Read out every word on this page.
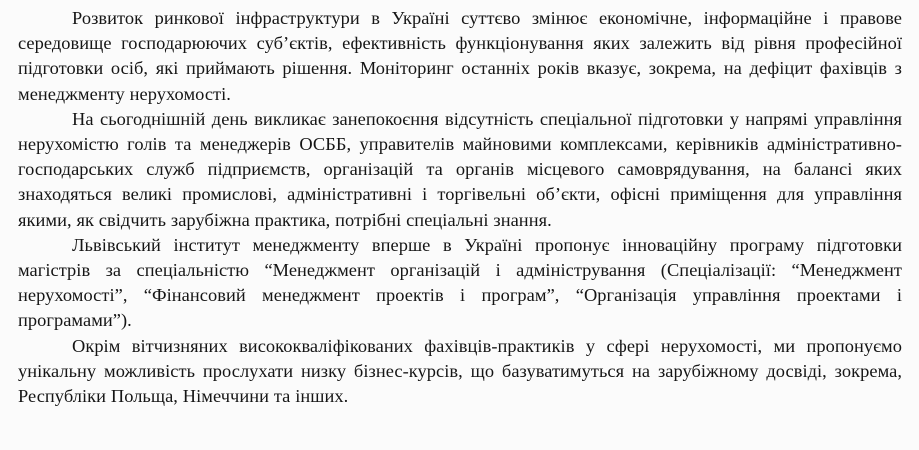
Розвиток ринкової інфраструктури в Україні суттєво змінює економічне, інформаційне і правове середовище господарюючих суб’єктів, ефективність функціонування яких залежить від рівня професійної підготовки осіб, які приймають рішення. Моніторинг останніх років вказує, зокрема, на дефіцит фахівців з менеджменту нерухомості.

На сьогоднішній день викликає занепокоєння відсутність спеціальної підготовки у напрямі управління нерухомістю голів та менеджерів ОСББ, управителів майновими комплексами, керівників адміністративно-господарських служб підприємств, організацій та органів місцевого самоврядування, на балансі яких знаходяться великі промислові, адміністративні і торгівельні об’єкти, офісні приміщення для управління якими, як свідчить зарубіжна практика, потрібні спеціальні знання.

Львівський інститут менеджменту вперше в Україні пропонує інноваційну програму підготовки магістрів за спеціальністю “Менеджмент організацій і адміністрування (Спеціалізації: “Менеджмент нерухомості”, “Фінансовий менеджмент проектів і програм”, “Організація управління проектами і програмами”).

Окрім вітчизняних висококваліфікованих фахівців-практиків у сфері нерухомості, ми пропонуємо унікальну можливість прослухати низку бізнес-курсів, що базуватимуться на зарубіжному досвіді, зокрема, Республіки Польща, Німеччини та інших.
